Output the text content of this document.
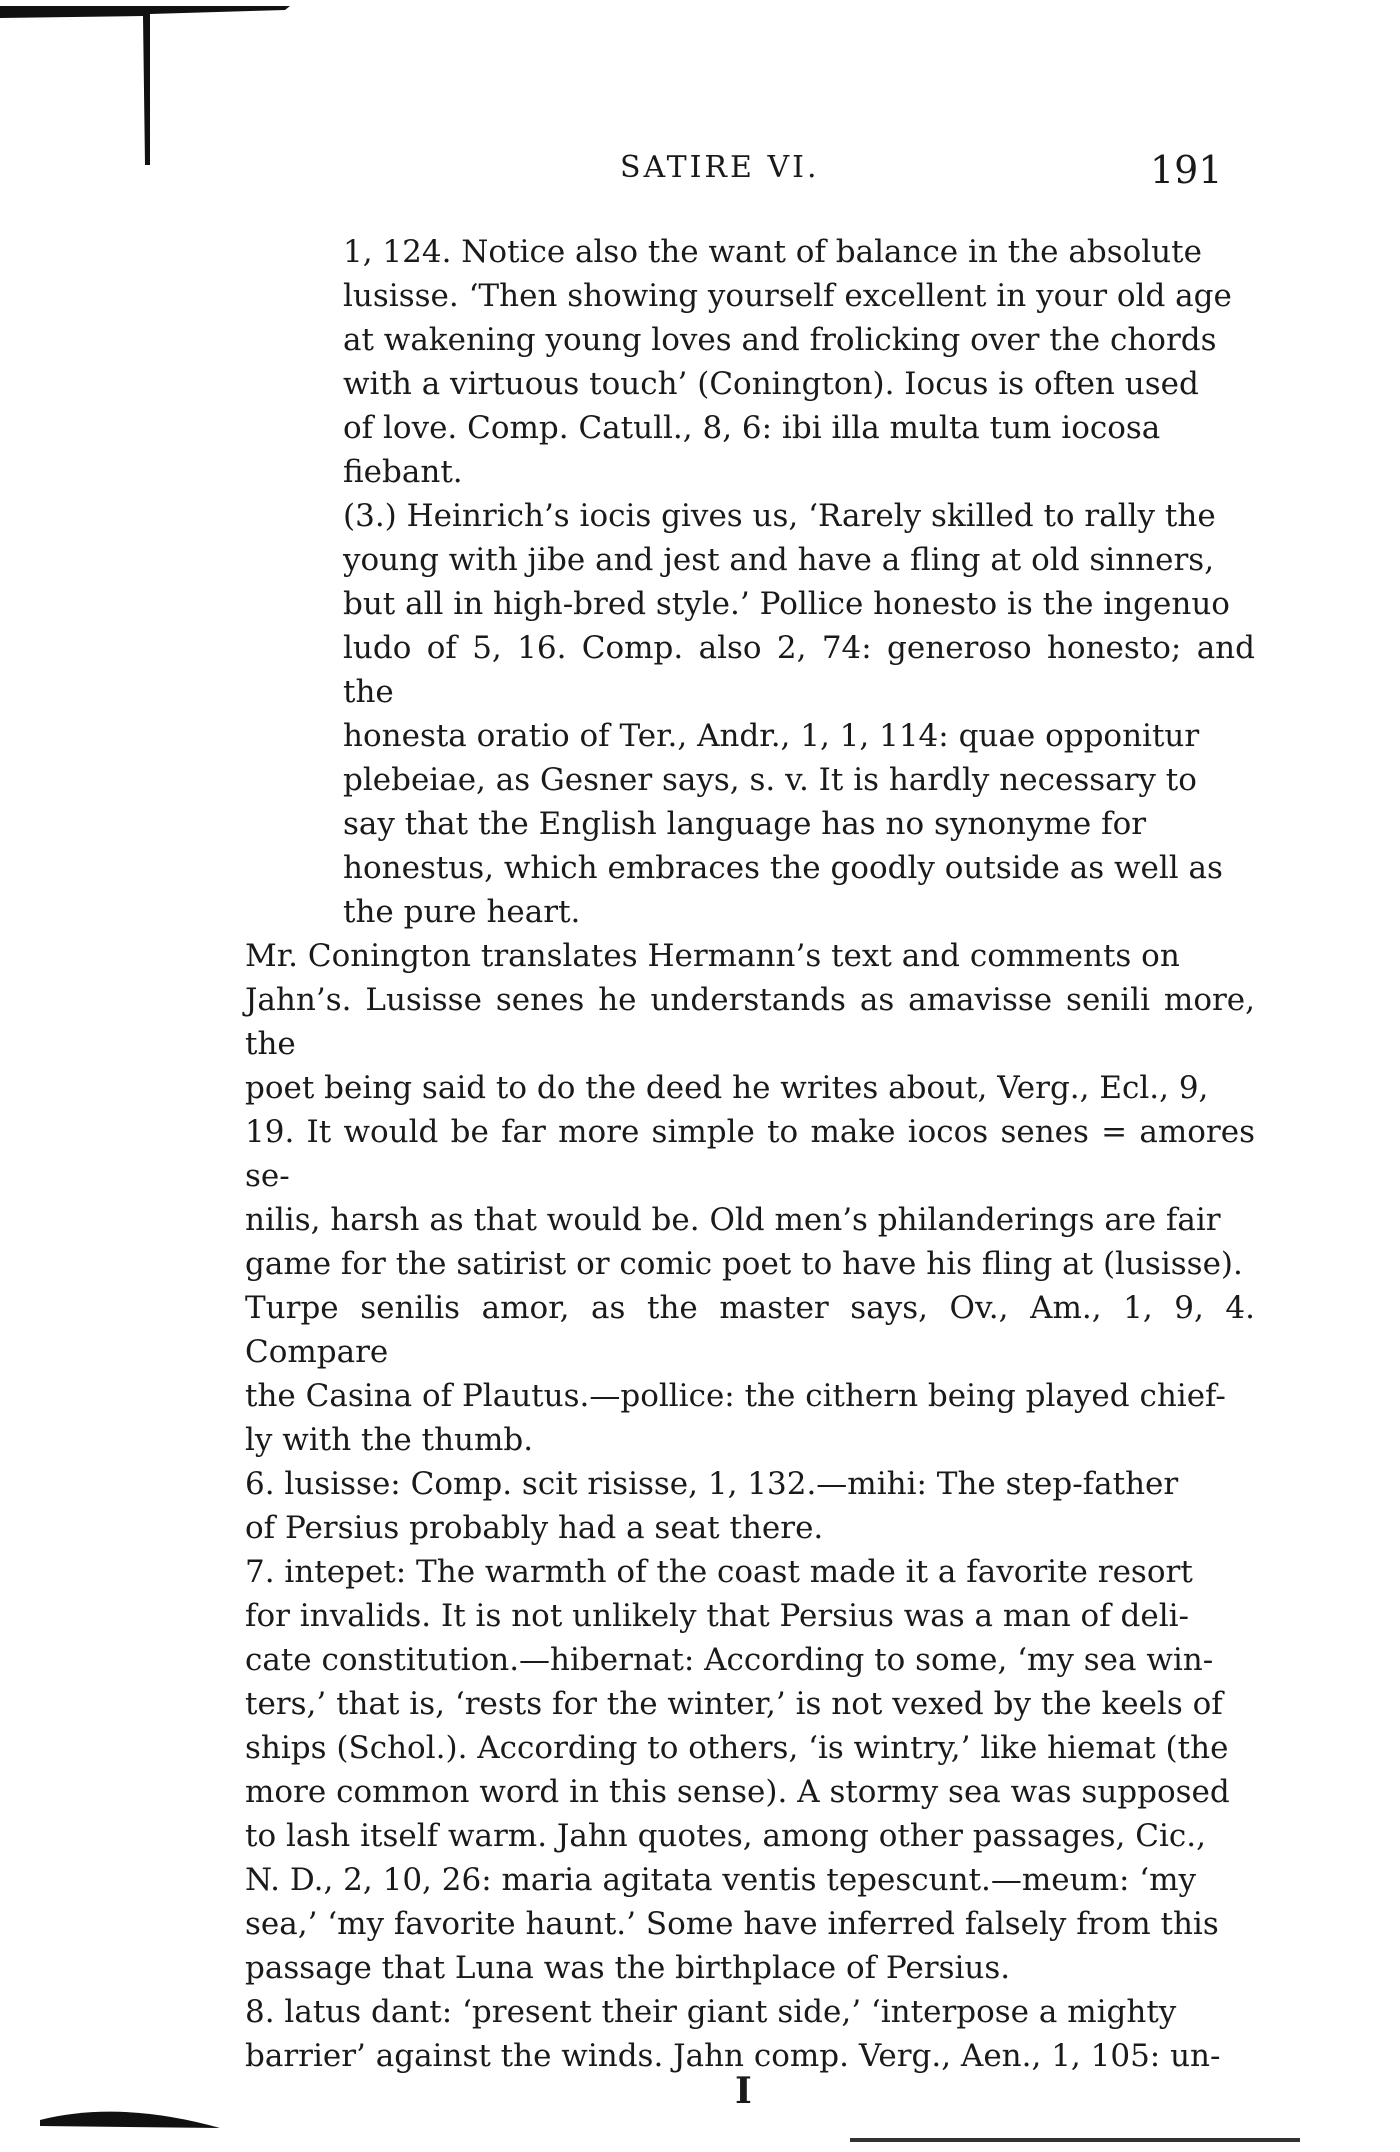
SATIRE VI.	191

1, 124. Notice also the want of balance in the absolute
lusisse. ‘Then showing yourself excellent in your old age
at wakening young loves and frolicking over the chords
with a virtuous touch’ (Conington). Iocus is often used
of love. Comp. Catull., 8, 6: ibi illa multa tum iocosa
fiebant.

(3.) Heinrich’s iocis gives us, ‘Rarely skilled to rally the
young with jibe and jest and have a fling at old sinners,
but all in high-bred style.’ Pollice honesto is the ingenuo
ludo of 5, 16. Comp. also 2, 74: generoso honesto; and the
honesta oratio of Ter., Andr., 1, 1, 114: quae opponitur
plebeiae, as Gesner says, s. v. It is hardly necessary to
say that the English language has no synonyme for
honestus, which embraces the goodly outside as well as
the pure heart.

Mr. Conington translates Hermann’s text and comments on
Jahn’s. Lusisse senes he understands as amavisse senili more, the
poet being said to do the deed he writes about, Verg., Ecl., 9,
19. It would be far more simple to make iocos senes = amores se-
nilis, harsh as that would be. Old men’s philanderings are fair
game for the satirist or comic poet to have his fling at (lusisse).
Turpe senilis amor, as the master says, Ov., Am., 1, 9, 4. Compare
the Casina of Plautus.—pollice: the cithern being played chief-
ly with the thumb.

6. lusisse: Comp. scit risisse, 1, 132.—mihi: The step-father
of Persius probably had a seat there.

7. intepet: The warmth of the coast made it a favorite resort
for invalids. It is not unlikely that Persius was a man of deli-
cate constitution.—hibernat: According to some, ‘my sea win-
ters,’ that is, ‘rests for the winter,’ is not vexed by the keels of
ships (Schol.). According to others, ‘is wintry,’ like hiemat (the
more common word in this sense). A stormy sea was supposed
to lash itself warm. Jahn quotes, among other passages, Cic.,
N. D., 2, 10, 26: maria agitata ventis tepescunt.—meum: ‘my
sea,’ ‘my favorite haunt.’ Some have inferred falsely from this
passage that Luna was the birthplace of Persius.

8. latus dant: ‘present their giant side,’ ‘interpose a mighty
barrier’ against the winds. Jahn comp. Verg., Aen., 1, 105: un-

I
